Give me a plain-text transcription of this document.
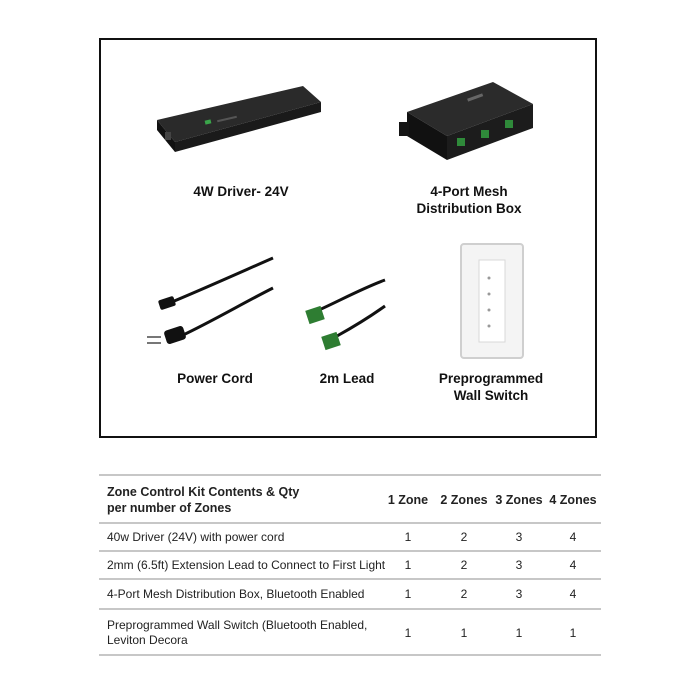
4W Driver- 24V	4-Port Mesh
Distribution Box
Power Cord	2m Lead	Preprogrammed
Wall Switch
Zone Control Kit Contents & Qty
per number of Zones
1 Zone 2 Zones 3 Zones 4 Zones
40w Driver (24V) with power cord	1	2	3	4
2mm (6.5ft) Extension Lead to Connect to First Light	1	2	3	4
4-Port Mesh Distribution Box, Bluetooth Enabled	1	2	3	4
Preprogrammed Wall Switch (Bluetooth Enabled,
Leviton Decora	1	1	1	1
